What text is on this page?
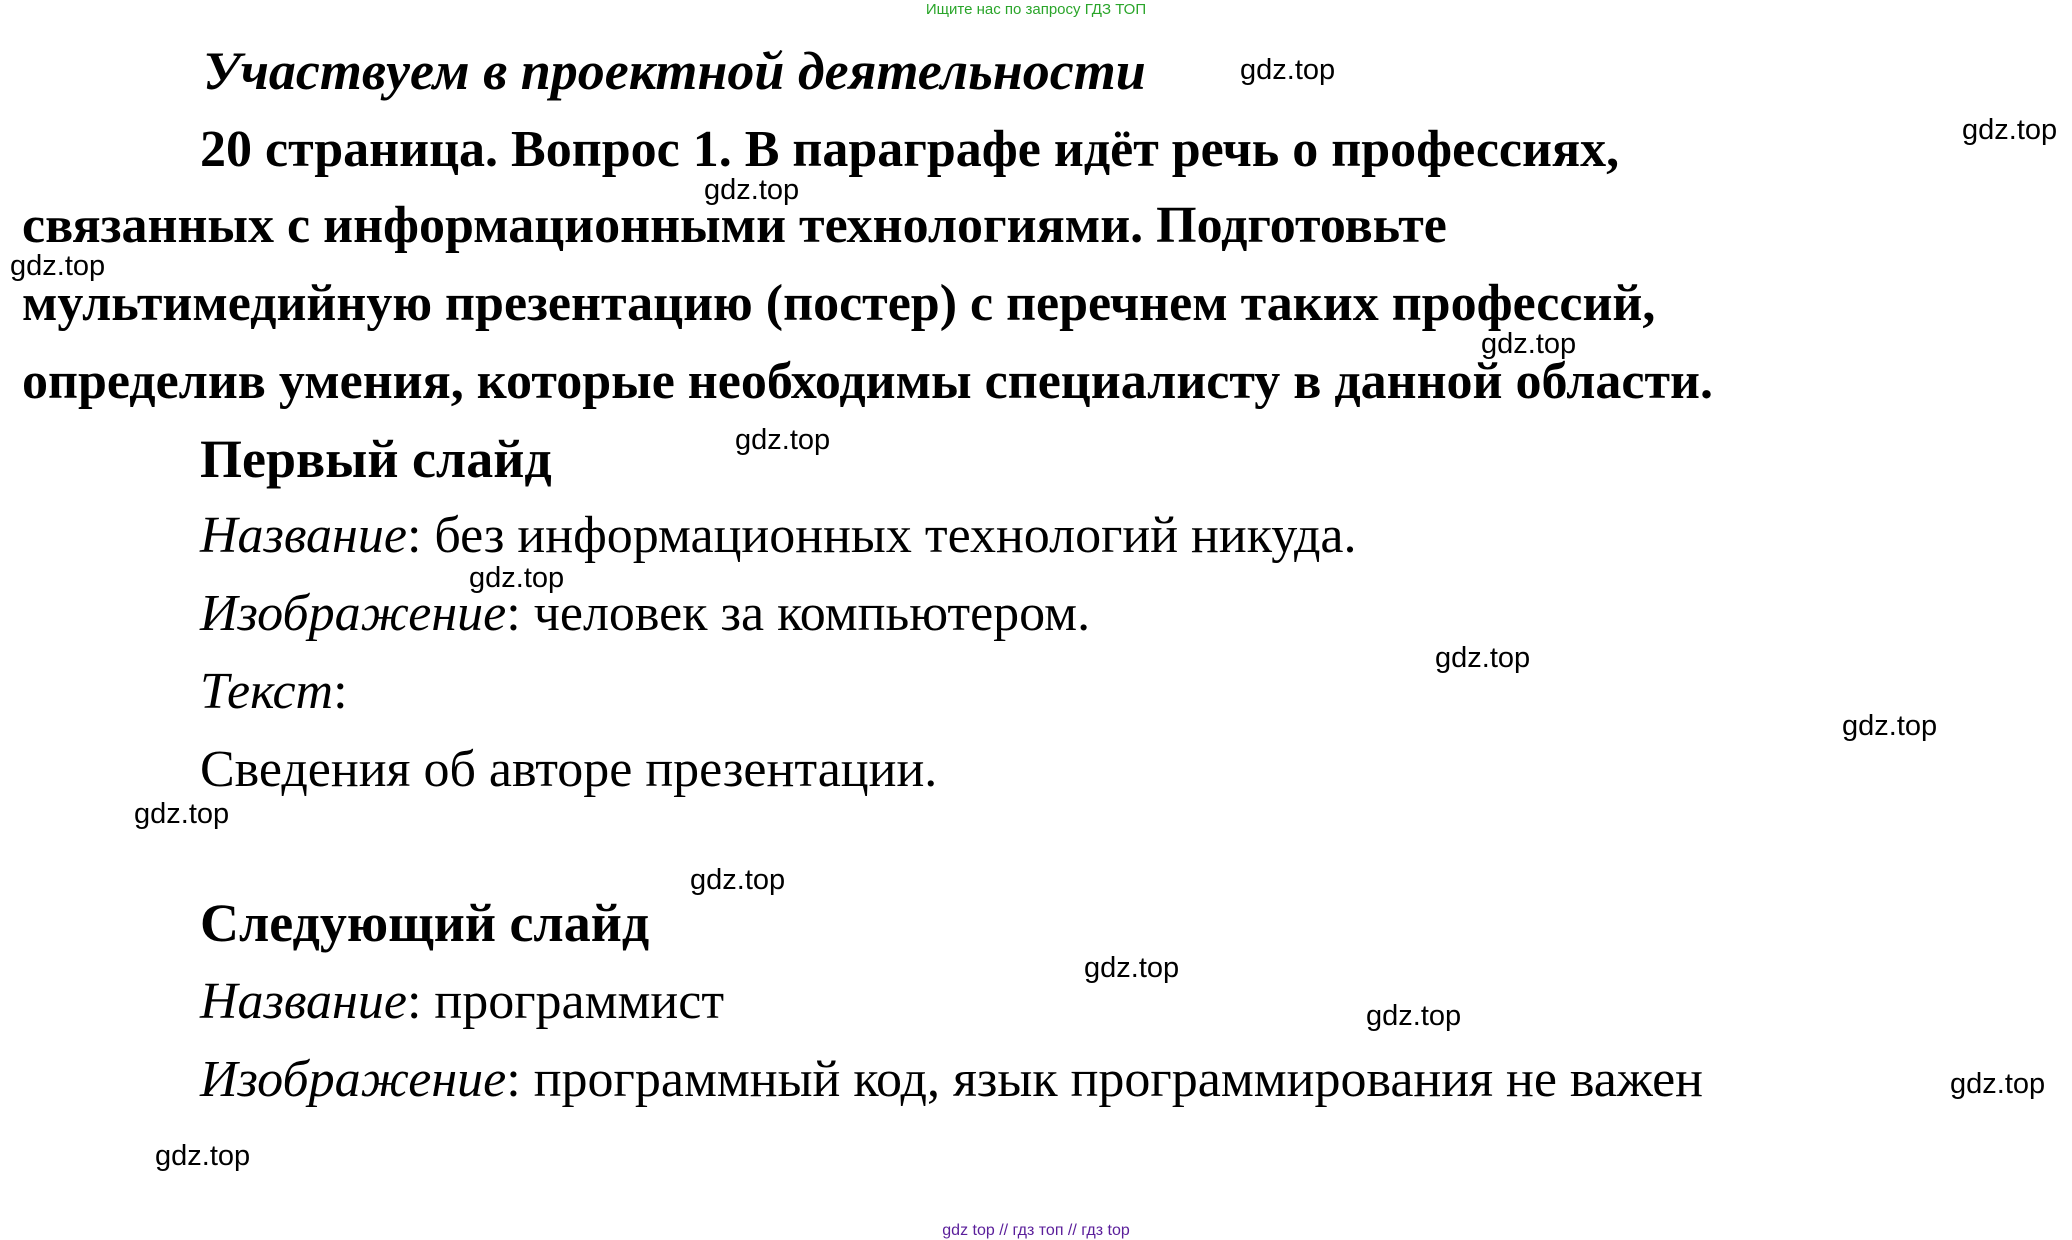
Ищите нас по запросу ГДЗ ТОП
Участвуем в проектной деятельности
20 страница. Вопрос 1. В параграфе идёт речь о профессиях,
связанных с информационными технологиями. Подготовьте
мультимедийную презентацию (постер) с перечнем таких профессий,
определив умения, которые необходимы специалисту в данной области.
Первый слайд
Название: без информационных технологий никуда.
Изображение: человек за компьютером.
Текст:
Сведения об авторе презентации.
Следующий слайд
Название: программист
Изображение: программный код, язык программирования не важен
gdz.top
gdz.top
gdz.top
gdz.top
gdz.top
gdz.top
gdz.top
gdz.top
gdz.top
gdz.top
gdz.top
gdz.top
gdz.top
gdz.top
gdz.top
gdz top // гдз топ // гдз top
